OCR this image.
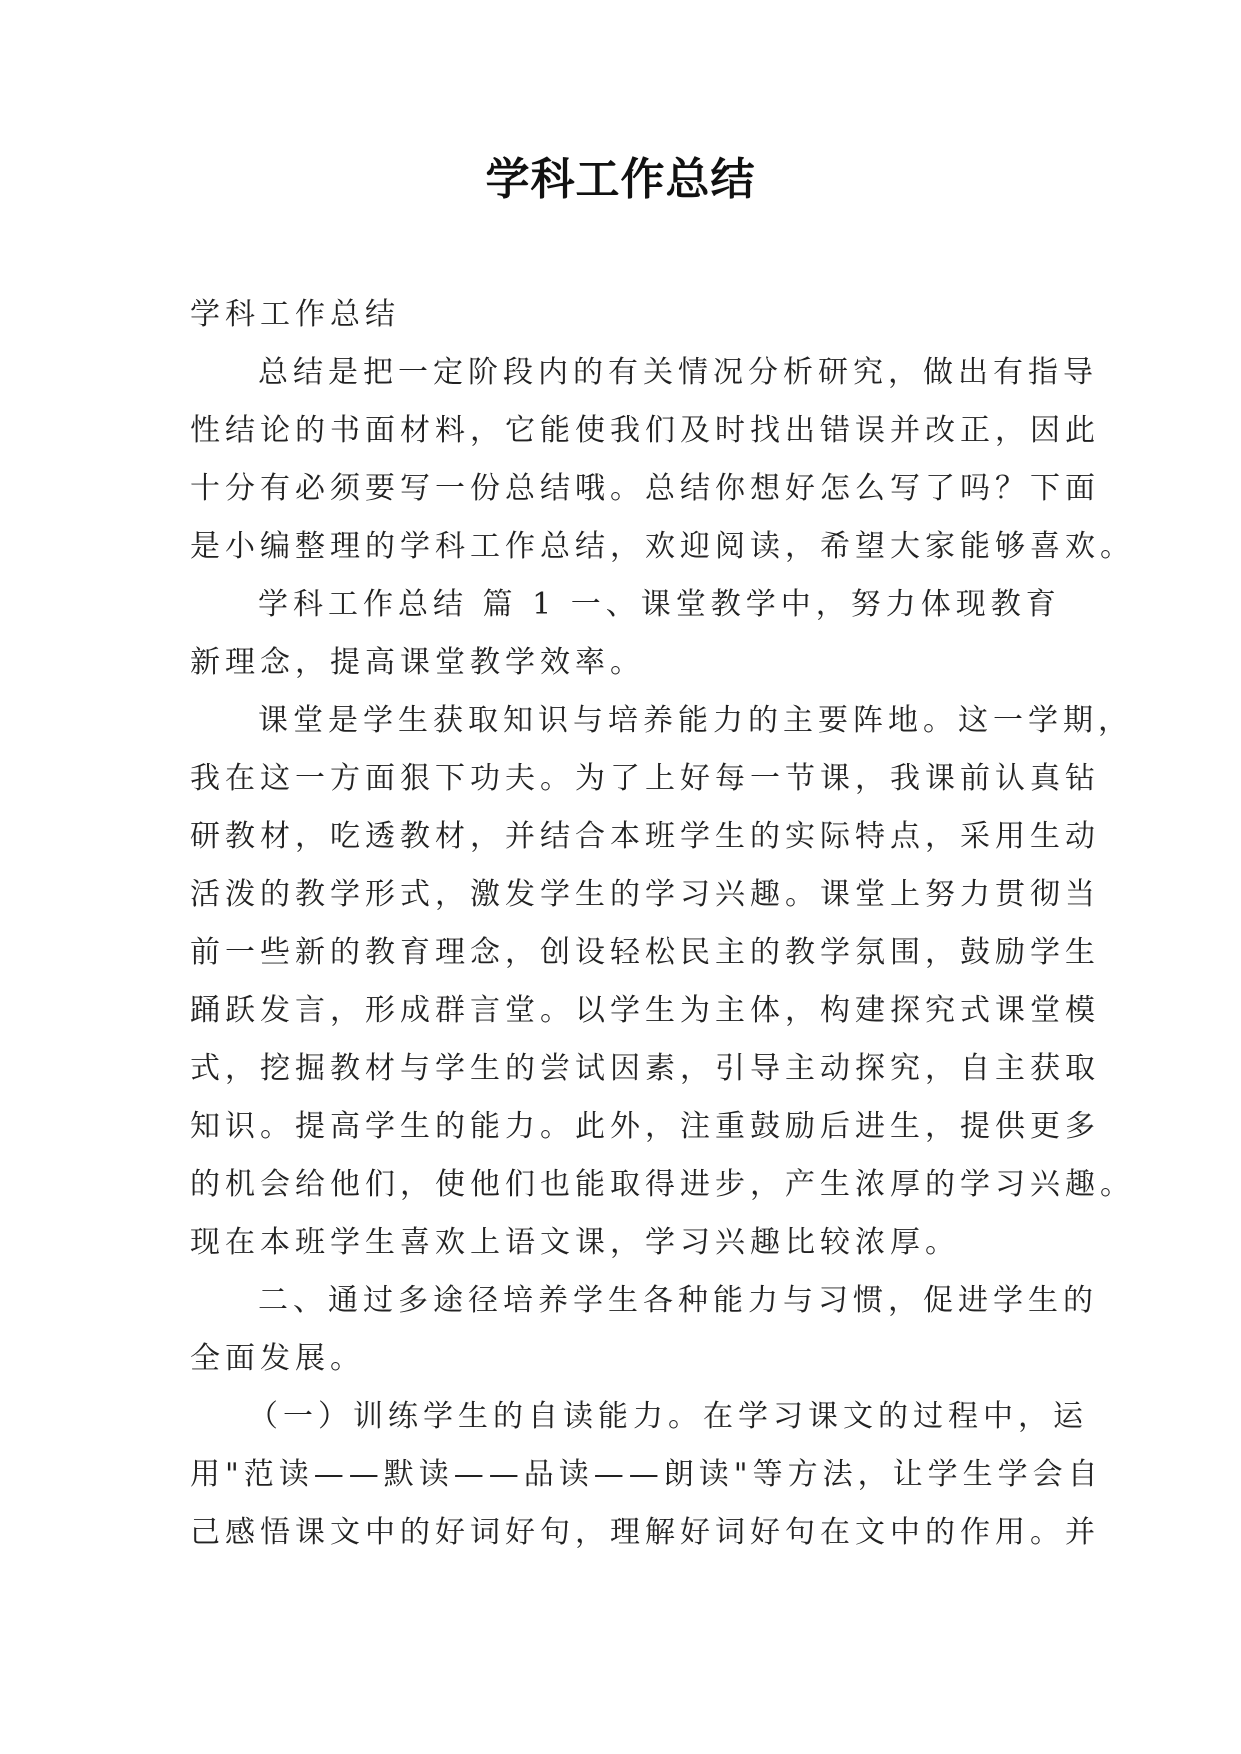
学科工作总结
学科工作总结
总结是把一定阶段内的有关情况分析研究，做出有指导
性结论的书面材料，它能使我们及时找出错误并改正，因此
十分有必须要写一份总结哦。总结你想好怎么写了吗？下面
是小编整理的学科工作总结，欢迎阅读，希望大家能够喜欢。
学科工作总结 篇 1 一、课堂教学中，努力体现教育
新理念，提高课堂教学效率。
课堂是学生获取知识与培养能力的主要阵地。这一学期，
我在这一方面狠下功夫。为了上好每一节课，我课前认真钻
研教材，吃透教材，并结合本班学生的实际特点，采用生动
活泼的教学形式，激发学生的学习兴趣。课堂上努力贯彻当
前一些新的教育理念，创设轻松民主的教学氛围，鼓励学生
踊跃发言，形成群言堂。以学生为主体，构建探究式课堂模
式，挖掘教材与学生的尝试因素，引导主动探究，自主获取
知识。提高学生的能力。此外，注重鼓励后进生，提供更多
的机会给他们，使他们也能取得进步，产生浓厚的学习兴趣。
现在本班学生喜欢上语文课，学习兴趣比较浓厚。
二、通过多途径培养学生各种能力与习惯，促进学生的
全面发展。
（一）训练学生的自读能力。在学习课文的过程中，运
用"范读——默读——品读——朗读"等方法，让学生学会自
己感悟课文中的好词好句，理解好词好句在文中的作用。并
